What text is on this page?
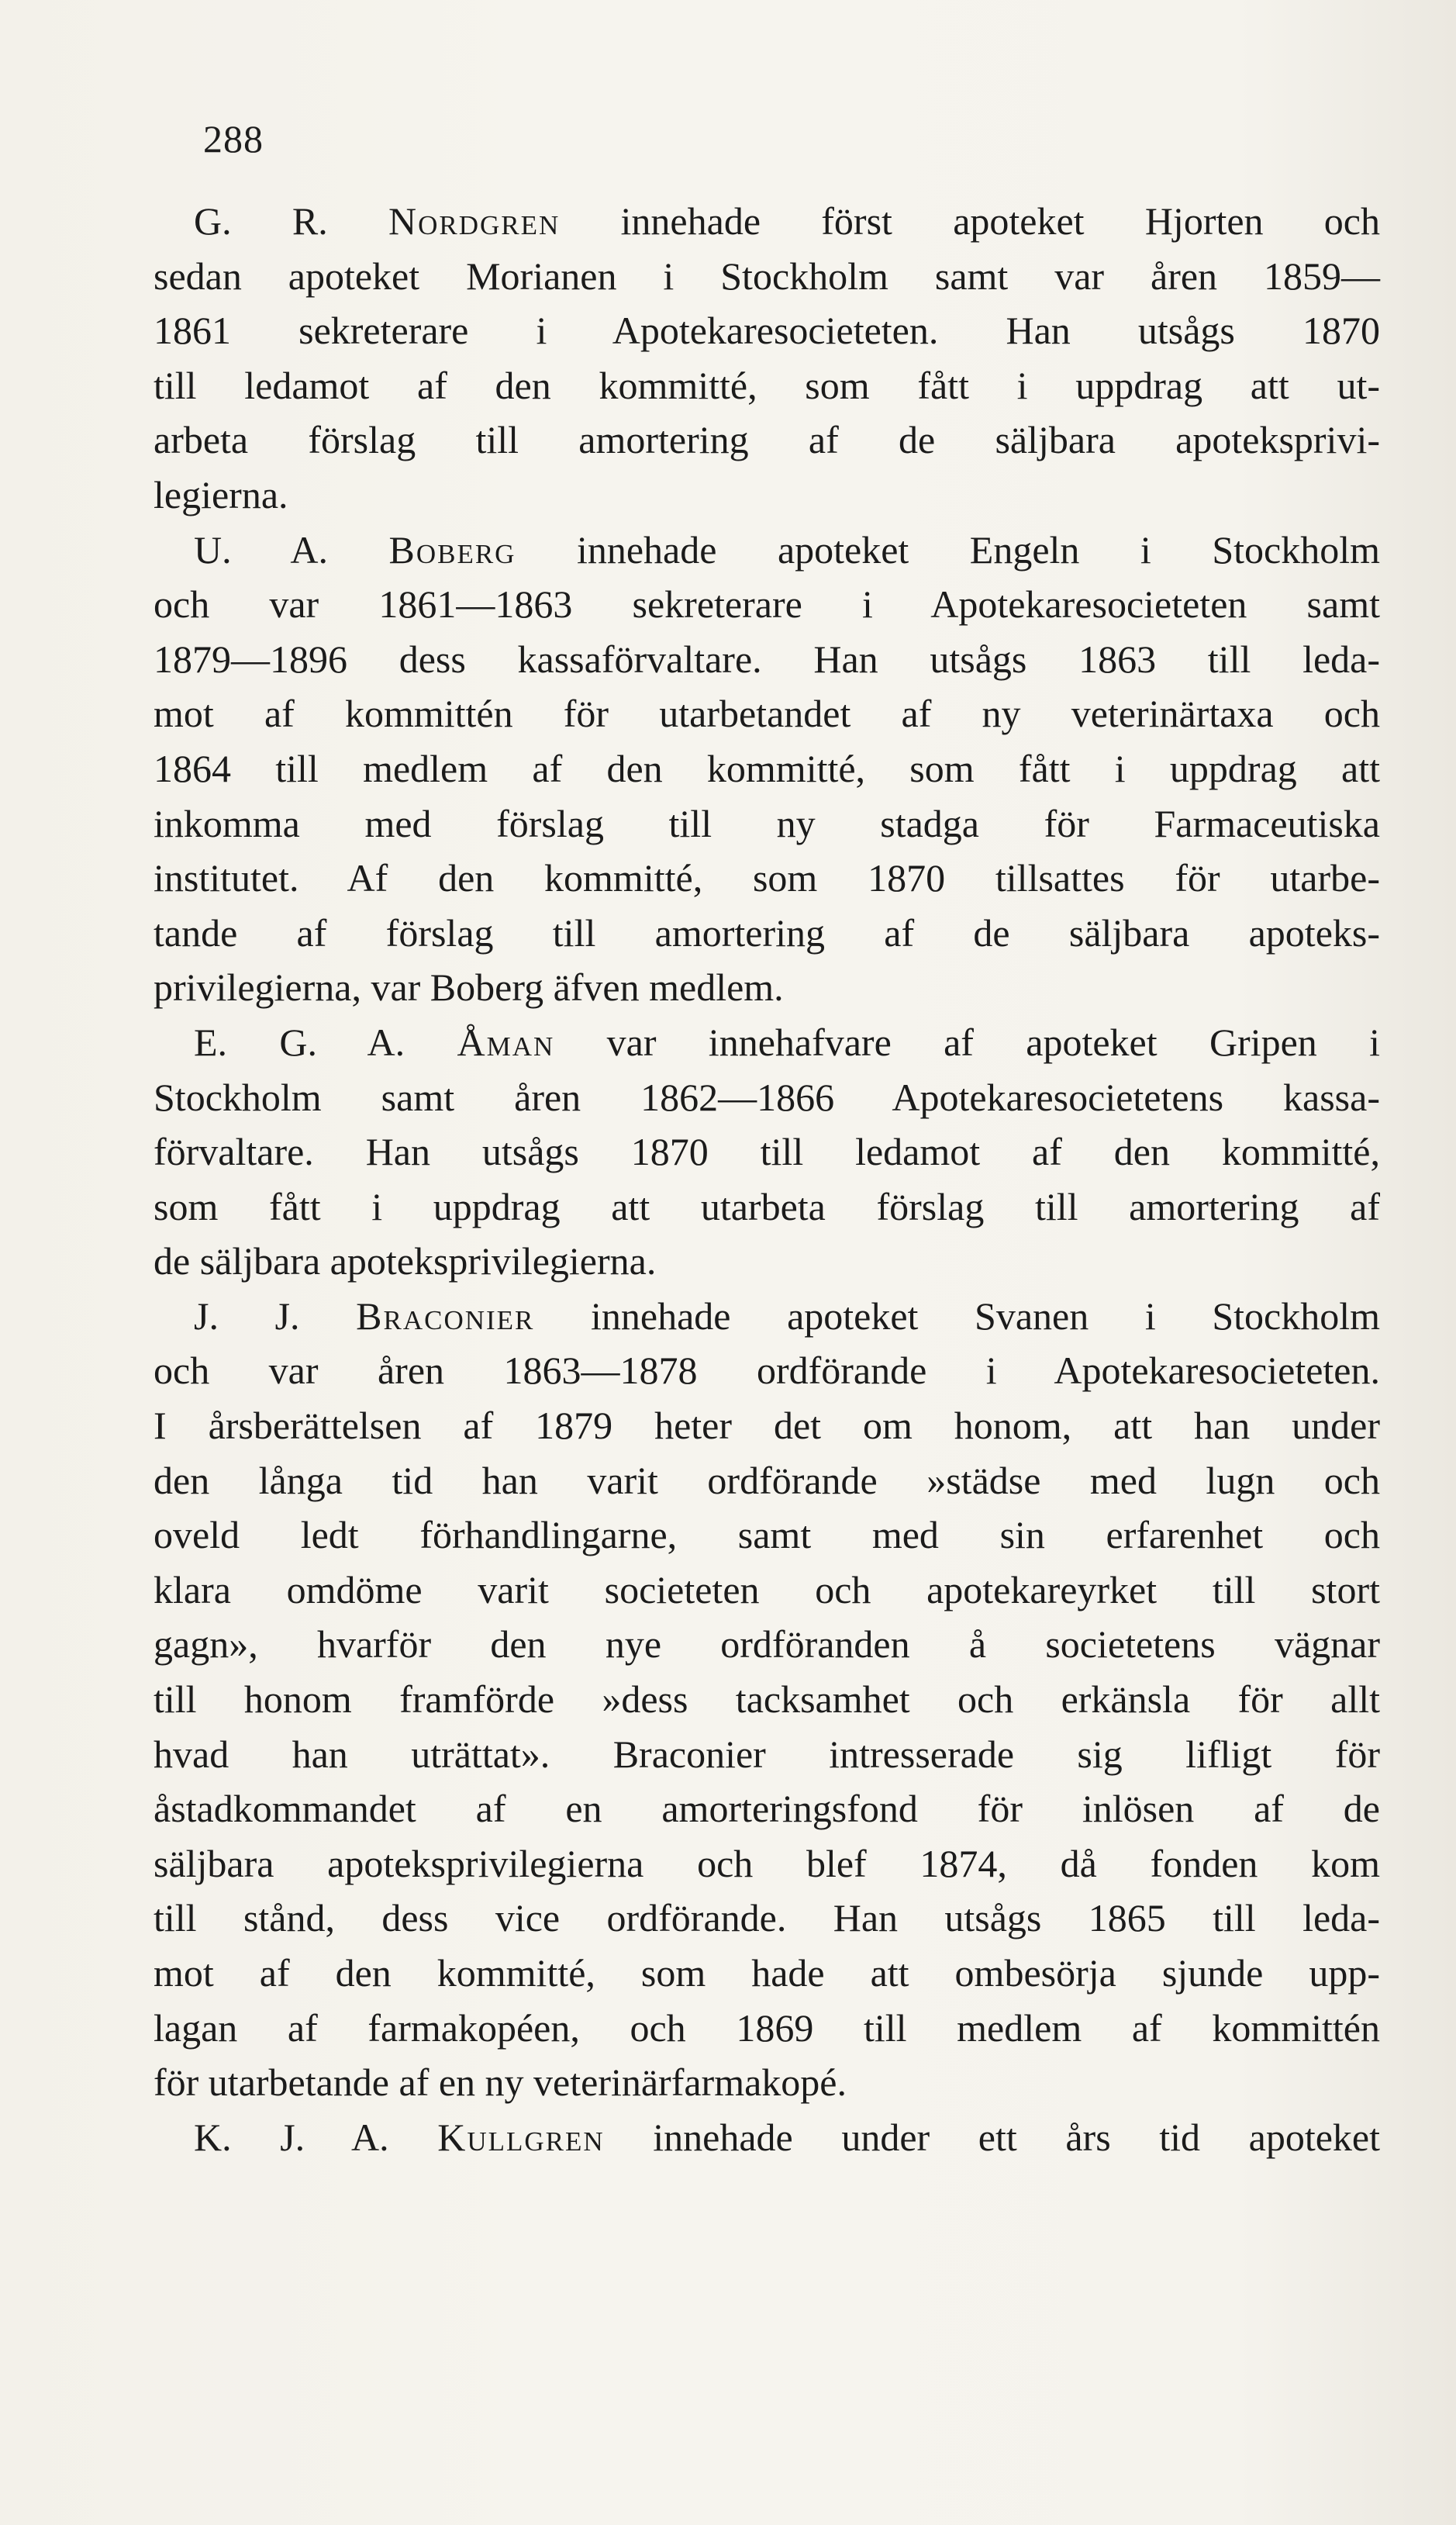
288
G. R. Nordgren innehade först apoteket Hjorten och
sedan apoteket Morianen i Stockholm samt var åren 1859—
1861 sekreterare i Apotekaresocieteten. Han utsågs 1870
till ledamot af den kommitté, som fått i uppdrag att ut-
arbeta förslag till amortering af de säljbara apoteksprivi-
legierna.
U. A. Boberg innehade apoteket Engeln i Stockholm
och var 1861—1863 sekreterare i Apotekaresocieteten samt
1879—1896 dess kassaförvaltare. Han utsågs 1863 till leda-
mot af kommittén för utarbetandet af ny veterinärtaxa och
1864 till medlem af den kommitté, som fått i uppdrag att
inkomma med förslag till ny stadga för Farmaceutiska
institutet. Af den kommitté, som 1870 tillsattes för utarbe-
tande af förslag till amortering af de säljbara apoteks-
privilegierna, var Boberg äfven medlem.
E. G. A. Åman var innehafvare af apoteket Gripen i
Stockholm samt åren 1862—1866 Apotekaresocietetens kassa-
förvaltare. Han utsågs 1870 till ledamot af den kommitté,
som fått i uppdrag att utarbeta förslag till amortering af
de säljbara apoteksprivilegierna.
J. J. Braconier innehade apoteket Svanen i Stockholm
och var åren 1863—1878 ordförande i Apotekaresocieteten.
I årsberättelsen af 1879 heter det om honom, att han under
den långa tid han varit ordförande »städse med lugn och
oveld ledt förhandlingarne, samt med sin erfarenhet och
klara omdöme varit societeten och apotekareyrket till stort
gagn», hvarför den nye ordföranden å societetens vägnar
till honom framförde »dess tacksamhet och erkänsla för allt
hvad han uträttat». Braconier intresserade sig lifligt för
åstadkommandet af en amorteringsfond för inlösen af de
säljbara apoteksprivilegierna och blef 1874, då fonden kom
till stånd, dess vice ordförande. Han utsågs 1865 till leda-
mot af den kommitté, som hade att ombesörja sjunde upp-
lagan af farmakopéen, och 1869 till medlem af kommittén
för utarbetande af en ny veterinärfarmakopé.
K. J. A. Kullgren innehade under ett års tid apoteket
